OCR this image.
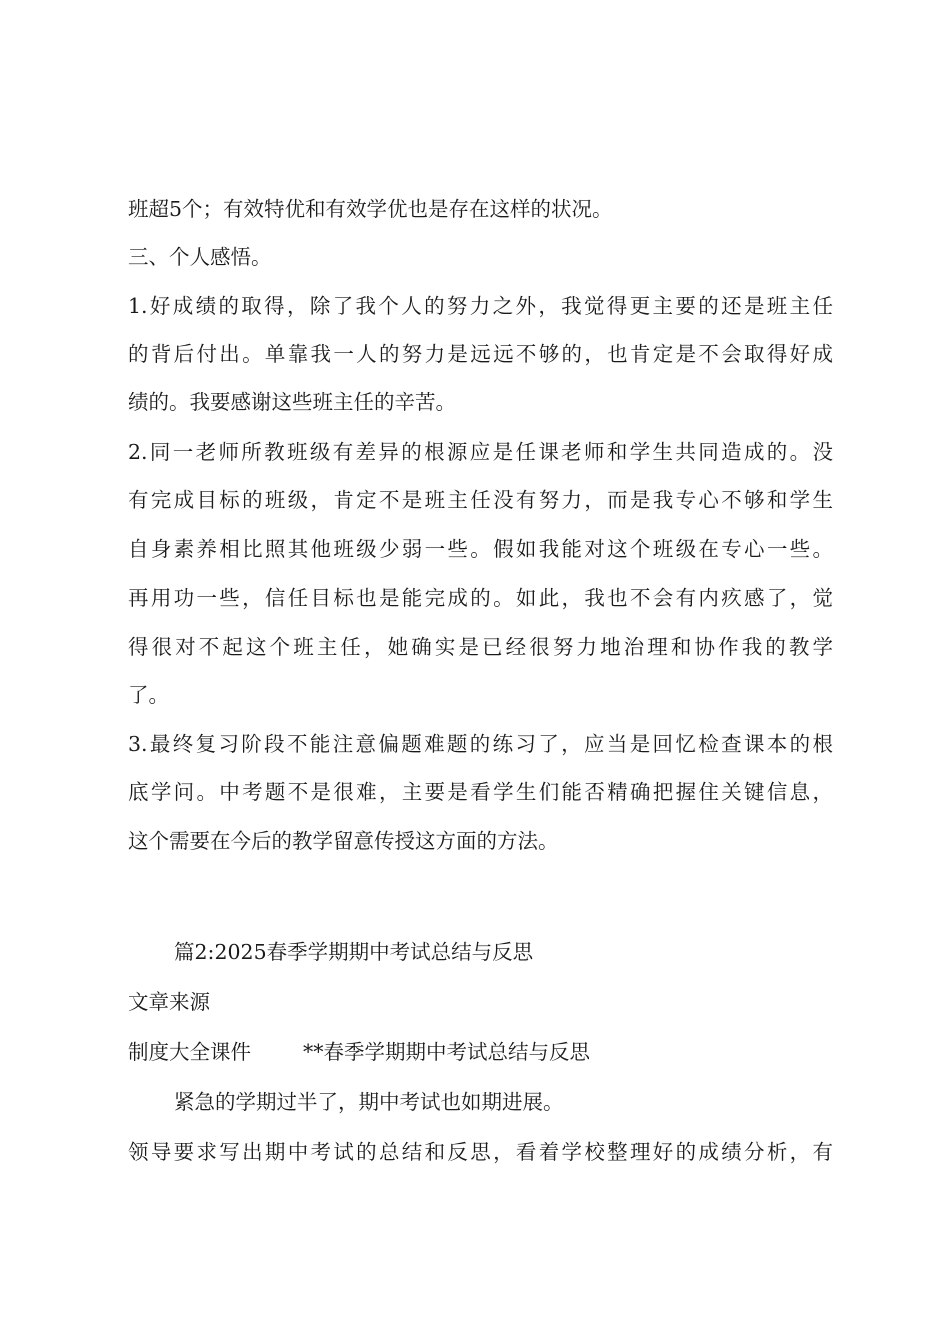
班超5个；有效特优和有效学优也是存在这样的状况。
三、个人感悟。
1.好成绩的取得，除了我个人的努力之外，我觉得更主要的还是班主任
的背后付出。单靠我一人的努力是远远不够的，也肯定是不会取得好成
绩的。我要感谢这些班主任的辛苦。
2.同一老师所教班级有差异的根源应是任课老师和学生共同造成的。没
有完成目标的班级，肯定不是班主任没有努力，而是我专心不够和学生
自身素养相比照其他班级少弱一些。假如我能对这个班级在专心一些。
再用功一些，信任目标也是能完成的。如此，我也不会有内疚感了，觉
得很对不起这个班主任，她确实是已经很努力地治理和协作我的教学
了。
3.最终复习阶段不能注意偏题难题的练习了，应当是回忆检查课本的根
底学问。中考题不是很难，主要是看学生们能否精确把握住关键信息，
这个需要在今后的教学留意传授这方面的方法。
篇2:2025春季学期期中考试总结与反思
文章来源
制度大全课件	**春季学期期中考试总结与反思
紧急的学期过半了，期中考试也如期进展。
领导要求写出期中考试的总结和反思，看着学校整理好的成绩分析，有
